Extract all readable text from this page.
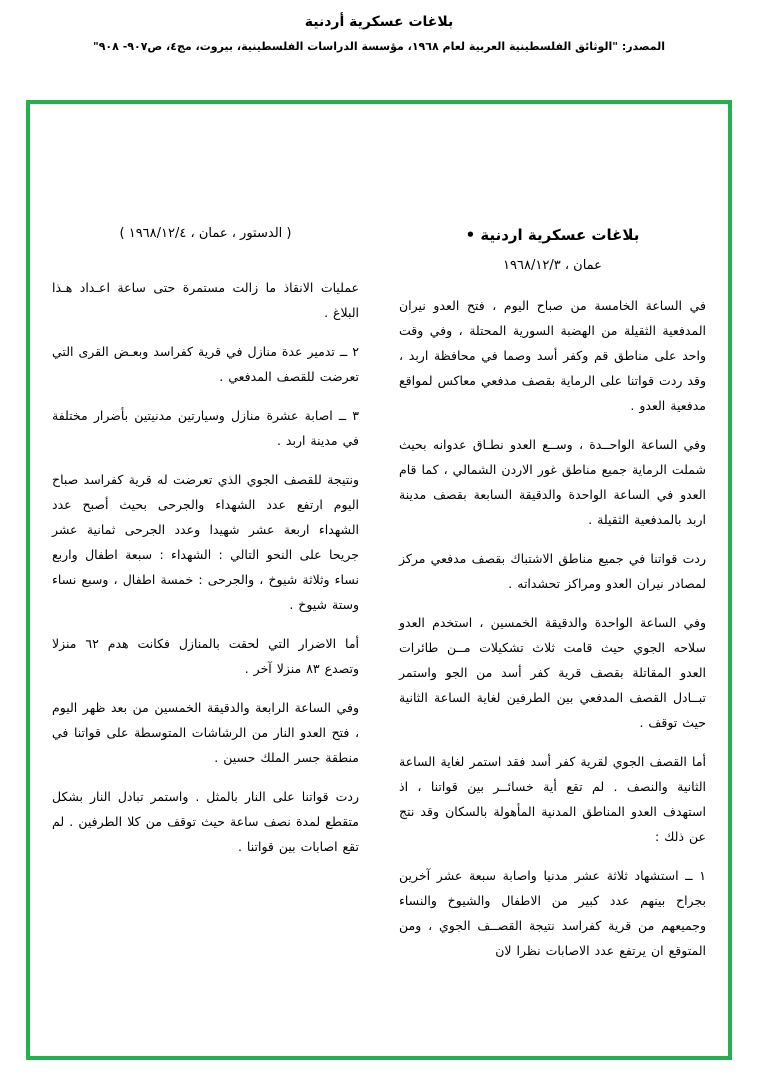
بلاغات عسكرية أردنية
المصدر: "الوثائق الفلسطينية العربية لعام ١٩٦٨، مؤسسة الدراسات الفلسطينية، بيروت، مج٤، ص٩٠٧- ٩٠٨"
بلاغات عسكرية اردنية •
عمان ، ١٩٦٨/١٢/٣

في الساعة الخامسة من صباح اليوم ، فتح العدو نيران المدفعية الثقيلة من الهضبة السورية المحتلة ، وفي وقت واحد على مناطق قم وكفر أسد وصما في محافظة اربد ، وقد ردت قواتنا على الرماية بقصف مدفعي معاكس لمواقع مدفعية العدو .

وفي الساعة الواحــدة ، وســع العدو نطـاق عدوانه بحيث شملت الرماية جميع مناطق غور الاردن الشمالي ، كما قام العدو في الساعة الواحدة والدقيقة السابعة بقصف مدينة اربد بالمدفعية الثقيلة .

ردت قواتنا في جميع مناطق الاشتباك بقصف مدفعي مركز لمصادر نيران العدو ومراكز تحشداته .

وفي الساعة الواحدة والدقيقة الخمسين ، استخدم العدو سلاحه الجوي حيث قامت ثلاث تشكيلات مــن طائرات العدو المقاتلة بقصف قرية كفر أسد من الجو واستمر تبــادل القصف المدفعي بين الطرفين لغاية الساعة الثانية حيث توقف .

أما القصف الجوي لقرية كفر أسد فقد استمر لغاية الساعة الثانية والنصف . لم تقع أية خسائــر بين قواتنا ، اذ استهدف العدو المناطق المدنية المأهولة بالسكان وقد نتج عن ذلك :

١ ــ استشهاد ثلاثة عشر مدنيا واصابة سبعة عشر آخرين بجراح بينهم عدد كبير من الاطفال والشيوخ والنساء وجميعهم من قرية كفراسد نتيجة القصــف الجوي ، ومن المتوقع ان يرتفع عدد الاصابات نظرا لان

( الدستور ، عمان ، ١٩٦٨/١٢/٤ )

عمليات الانقاذ ما زالت مستمرة حتى ساعة اعـداد هـذا البلاغ .

٢ ــ تدمير عدة منازل في قرية كفراسد وبعـض القرى التي تعرضت للقصف المدفعي .

٣ ــ اصابة عشرة منازل وسيارتين مدنيتين بأضرار مختلفة في مدينة اربد .

ونتيجة للقصف الجوي الذي تعرضت له قرية كفراسد صباح اليوم ارتفع عدد الشهداء والجرحى بحيث أصبح عدد الشهداء اربعة عشر شهيدا وعدد الجرحى ثمانية عشر جريحا على النحو التالي : الشهداء : سبعة اطفال واربع نساء وثلاثة شيوخ ، والجرحى : خمسة اطفال ، وسبع نساء وستة شيوخ .

أما الاضرار التي لحقت بالمنازل فكانت هدم ٦٢ منزلا وتصدع ٨٣ منزلا آخر .

وفي الساعة الرابعة والدقيقة الخمسين من بعد ظهر اليوم ، فتح العدو النار من الرشاشات المتوسطة على قواتنا في منطقة جسر الملك حسين .

ردت قواتنا على النار بالمثل . واستمر تبادل النار بشكل متقطع لمدة نصف ساعة حيث توقف من كلا الطرفين . لم تقع اصابات بين قواتنا .
